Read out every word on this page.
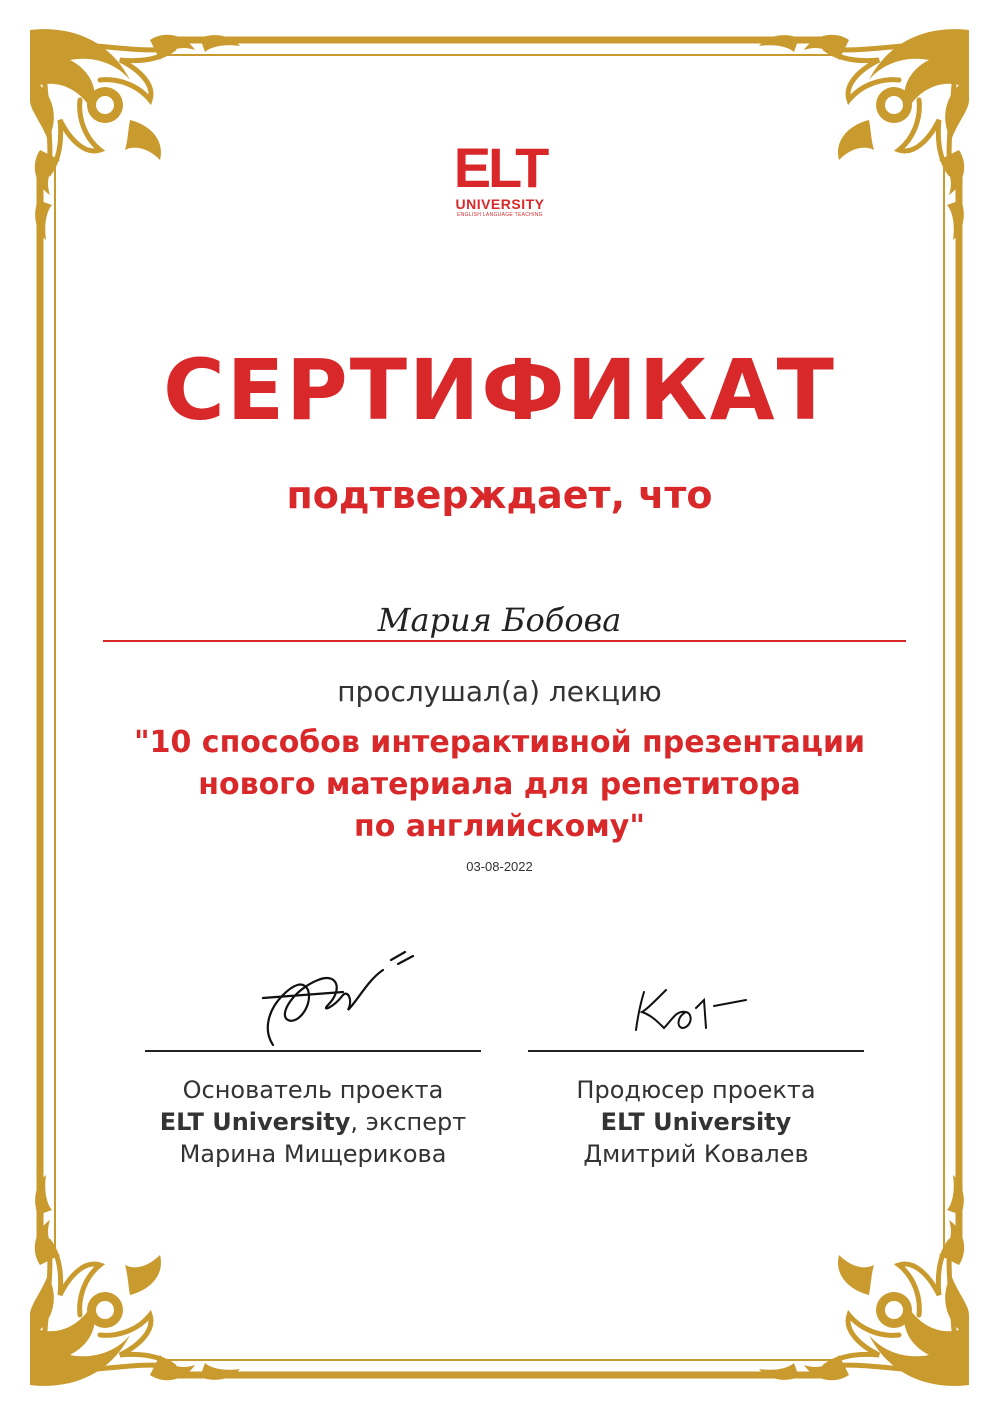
ELT
UNIVERSITY
ENGLISH LANGUAGE TEACHING
СЕРТИФИКАТ
подтверждает, что
Мария Бобова
прослушал(а) лекцию
"10 способов интерактивной презентации
нового материала для репетитора
по английскому"
03-08-2022
Основатель проекта
ELT University, эксперт
Марина Мищерикова
Продюсер проекта
ELT University
Дмитрий Ковалев
